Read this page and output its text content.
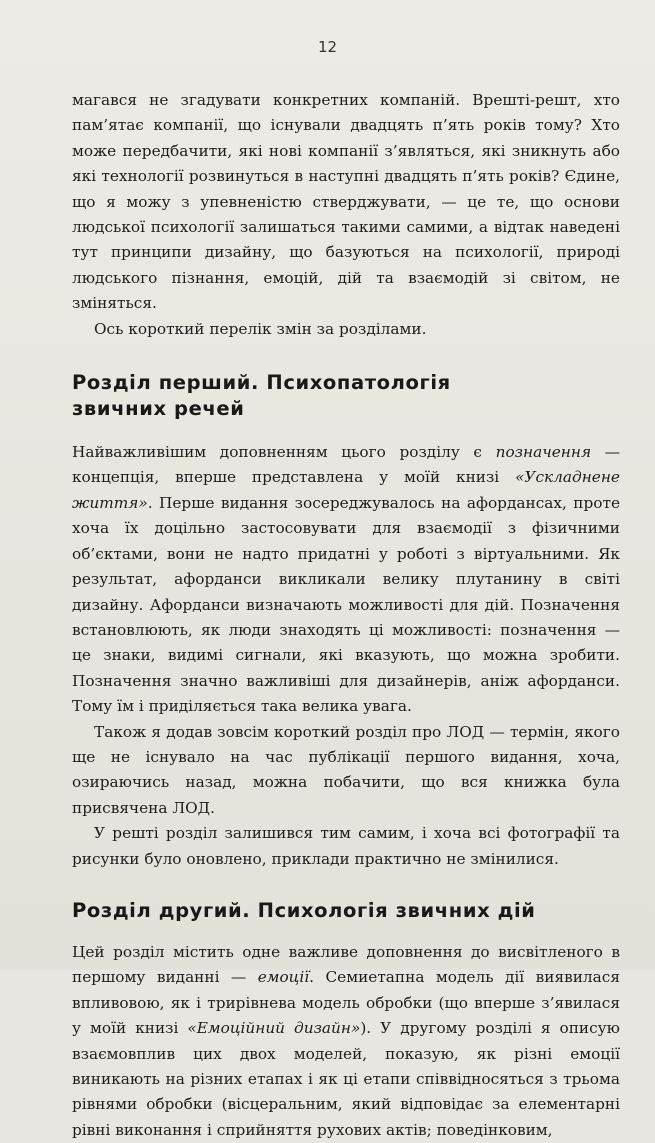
12

магався не згадувати конкретних компаній. Врешті-решт, хто пам’ятає компанії, що існували двадцять п’ять років тому? Хто може передбачити, які нові компанії з’являться, які зникнуть або які технології розвинуться в наступні двадцять п’ять років? Єдине, що я можу з упевненістю стверджувати, — це те, що основи людської психології залишаться такими самими, а відтак наведені тут принципи дизайну, що базуються на психології, природі людського пізнання, емоцій, дій та взаємодій зі світом, не зміняться.

Ось короткий перелік змін за розділами.

Розділ перший. Психопатологія
звичних речей

Найважливішим доповненням цього розділу є позначення — концепція, вперше представлена у моїй книзі «Ускладнене життя». Перше видання зосереджувалось на афордансах, проте хоча їх доцільно застосовувати для взаємодії з фізичними об’єктами, вони не надто придатні у роботі з віртуальними. Як результат, афорданси викликали велику плутанину в світі дизайну. Афорданси визначають можливості для дій. Позначення встановлюють, як люди знаходять ці можливості: позначення — це знаки, видимі сигнали, які вказують, що можна зробити. Позначення значно важливіші для дизайнерів, аніж афорданси. Тому їм і приділяється така велика увага.

Також я додав зовсім короткий розділ про ЛОД — термін, якого ще не існувало на час публікації першого видання, хоча, озираючись назад, можна побачити, що вся книжка була присвячена ЛОД.

У решті розділ залишився тим самим, і хоча всі фотографії та рисунки було оновлено, приклади практично не змінилися.

Розділ другий. Психологія звичних дій

Цей розділ містить одне важливе доповнення до висвітленого в першому виданні — емоції. Семиетапна модель дії виявилася впливовою, як і трирівнева модель обробки (що вперше з’явилася у моїй книзі «Емоційний дизайн»). У другому розділі я описую взаємовплив цих двох моделей, показую, як різні емоції виникають на різних етапах і як ці етапи співвідносяться з трьома рівнями обробки (вісцеральним, який відповідає за елементарні рівні виконання і сприйняття рухових актів; поведінковим,
